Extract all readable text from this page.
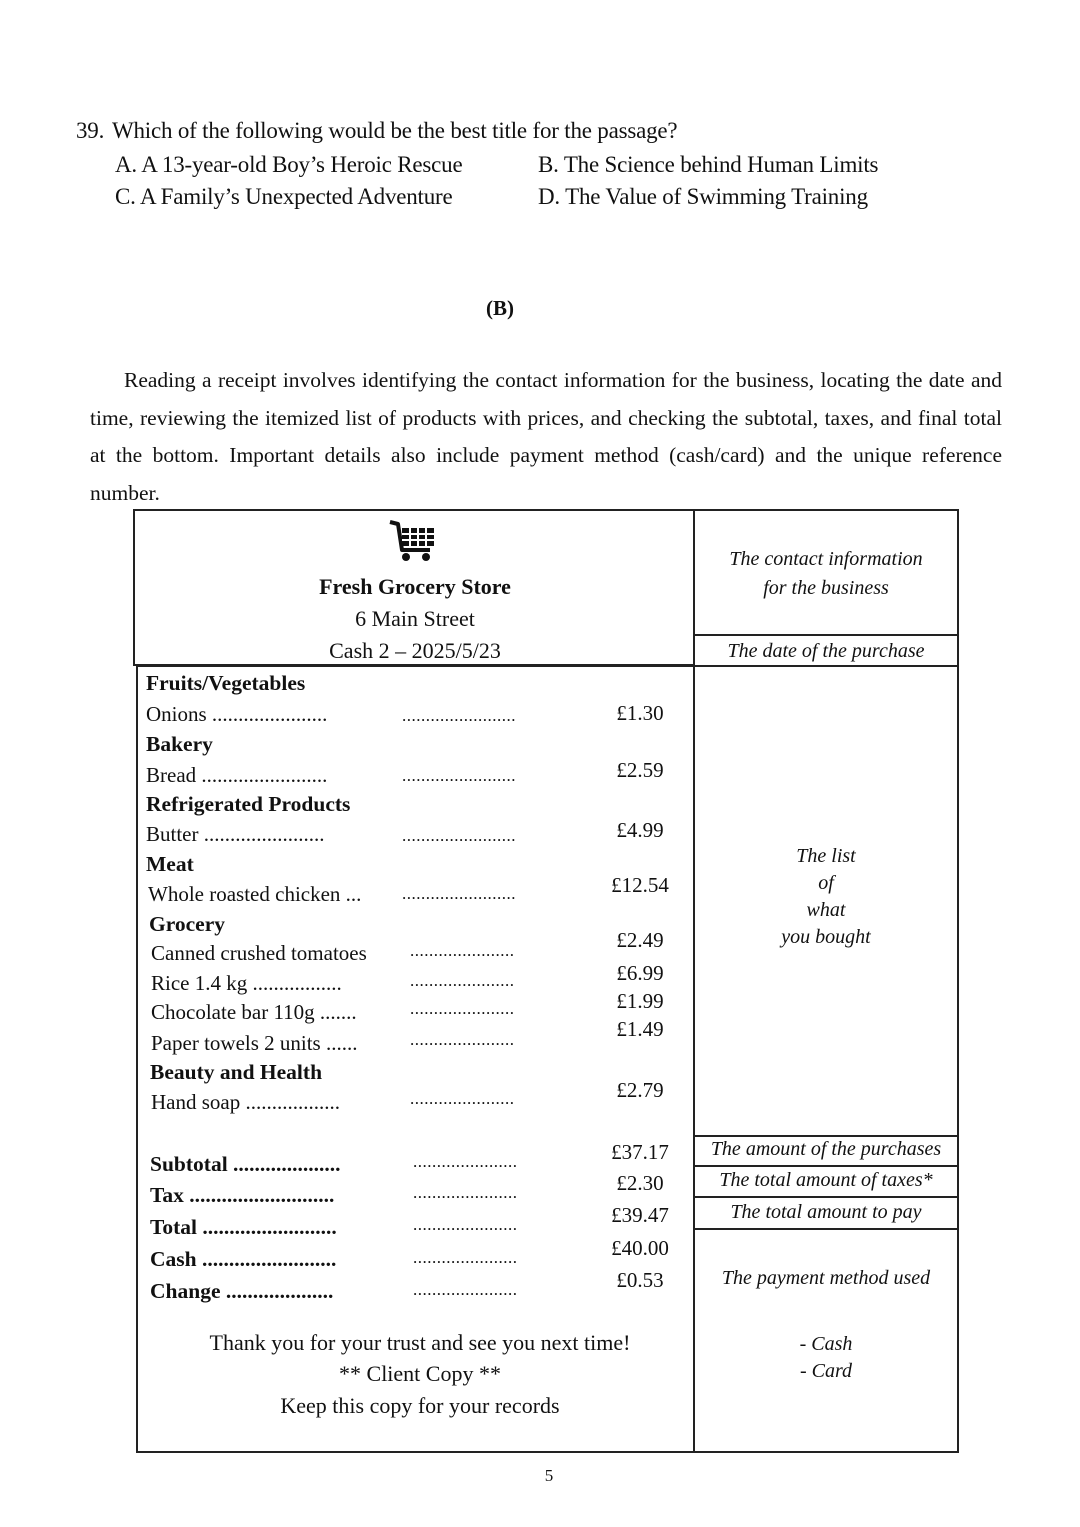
39. Which of the following would be the best title for the passage?
A. A 13-year-old Boy’s Heroic Rescue	B. The Science behind Human Limits
C. A Family’s Unexpected Adventure	D. The Value of Swimming Training
(B)
Reading a receipt involves identifying the contact information for the business, locating the date and time, reviewing the itemized list of products with prices, and checking the subtotal, taxes, and final total at the bottom. Important details also include payment method (cash/card) and the unique reference number.
Fresh Grocery Store
6 Main Street
Cash 2 – 2025/5/23
Fruits/Vegetables
Bakery
Refrigerated Products
Meat
Grocery
Beauty and Health
Onions ......................	........................	£1.30
Bread ........................	........................	£2.59
Butter .......................	........................	£4.99
Whole roasted chicken ... ........................	£12.54
Canned crushed tomatoes	......................	£2.49
Rice 1.4 kg .................	......................	£6.99
Chocolate bar 110g .......	......................	£1.99
Paper towels 2 units ......	......................	£1.49
Hand soap ..................	......................	£2.79
Subtotal ....................	......................	£37.17
Tax ...........................	......................	£2.30
Total .........................	......................	£39.47
Cash .........................	......................	£40.00
Change ....................	......................	£0.53
Thank you for your trust and see you next time!
** Client Copy **
Keep this copy for your records
The contact information
for the business
The date of the purchase
The list
of
what
you bought
The amount of the purchases
The total amount of taxes*
The total amount to pay
The payment method used
- Cash
- Card
5
